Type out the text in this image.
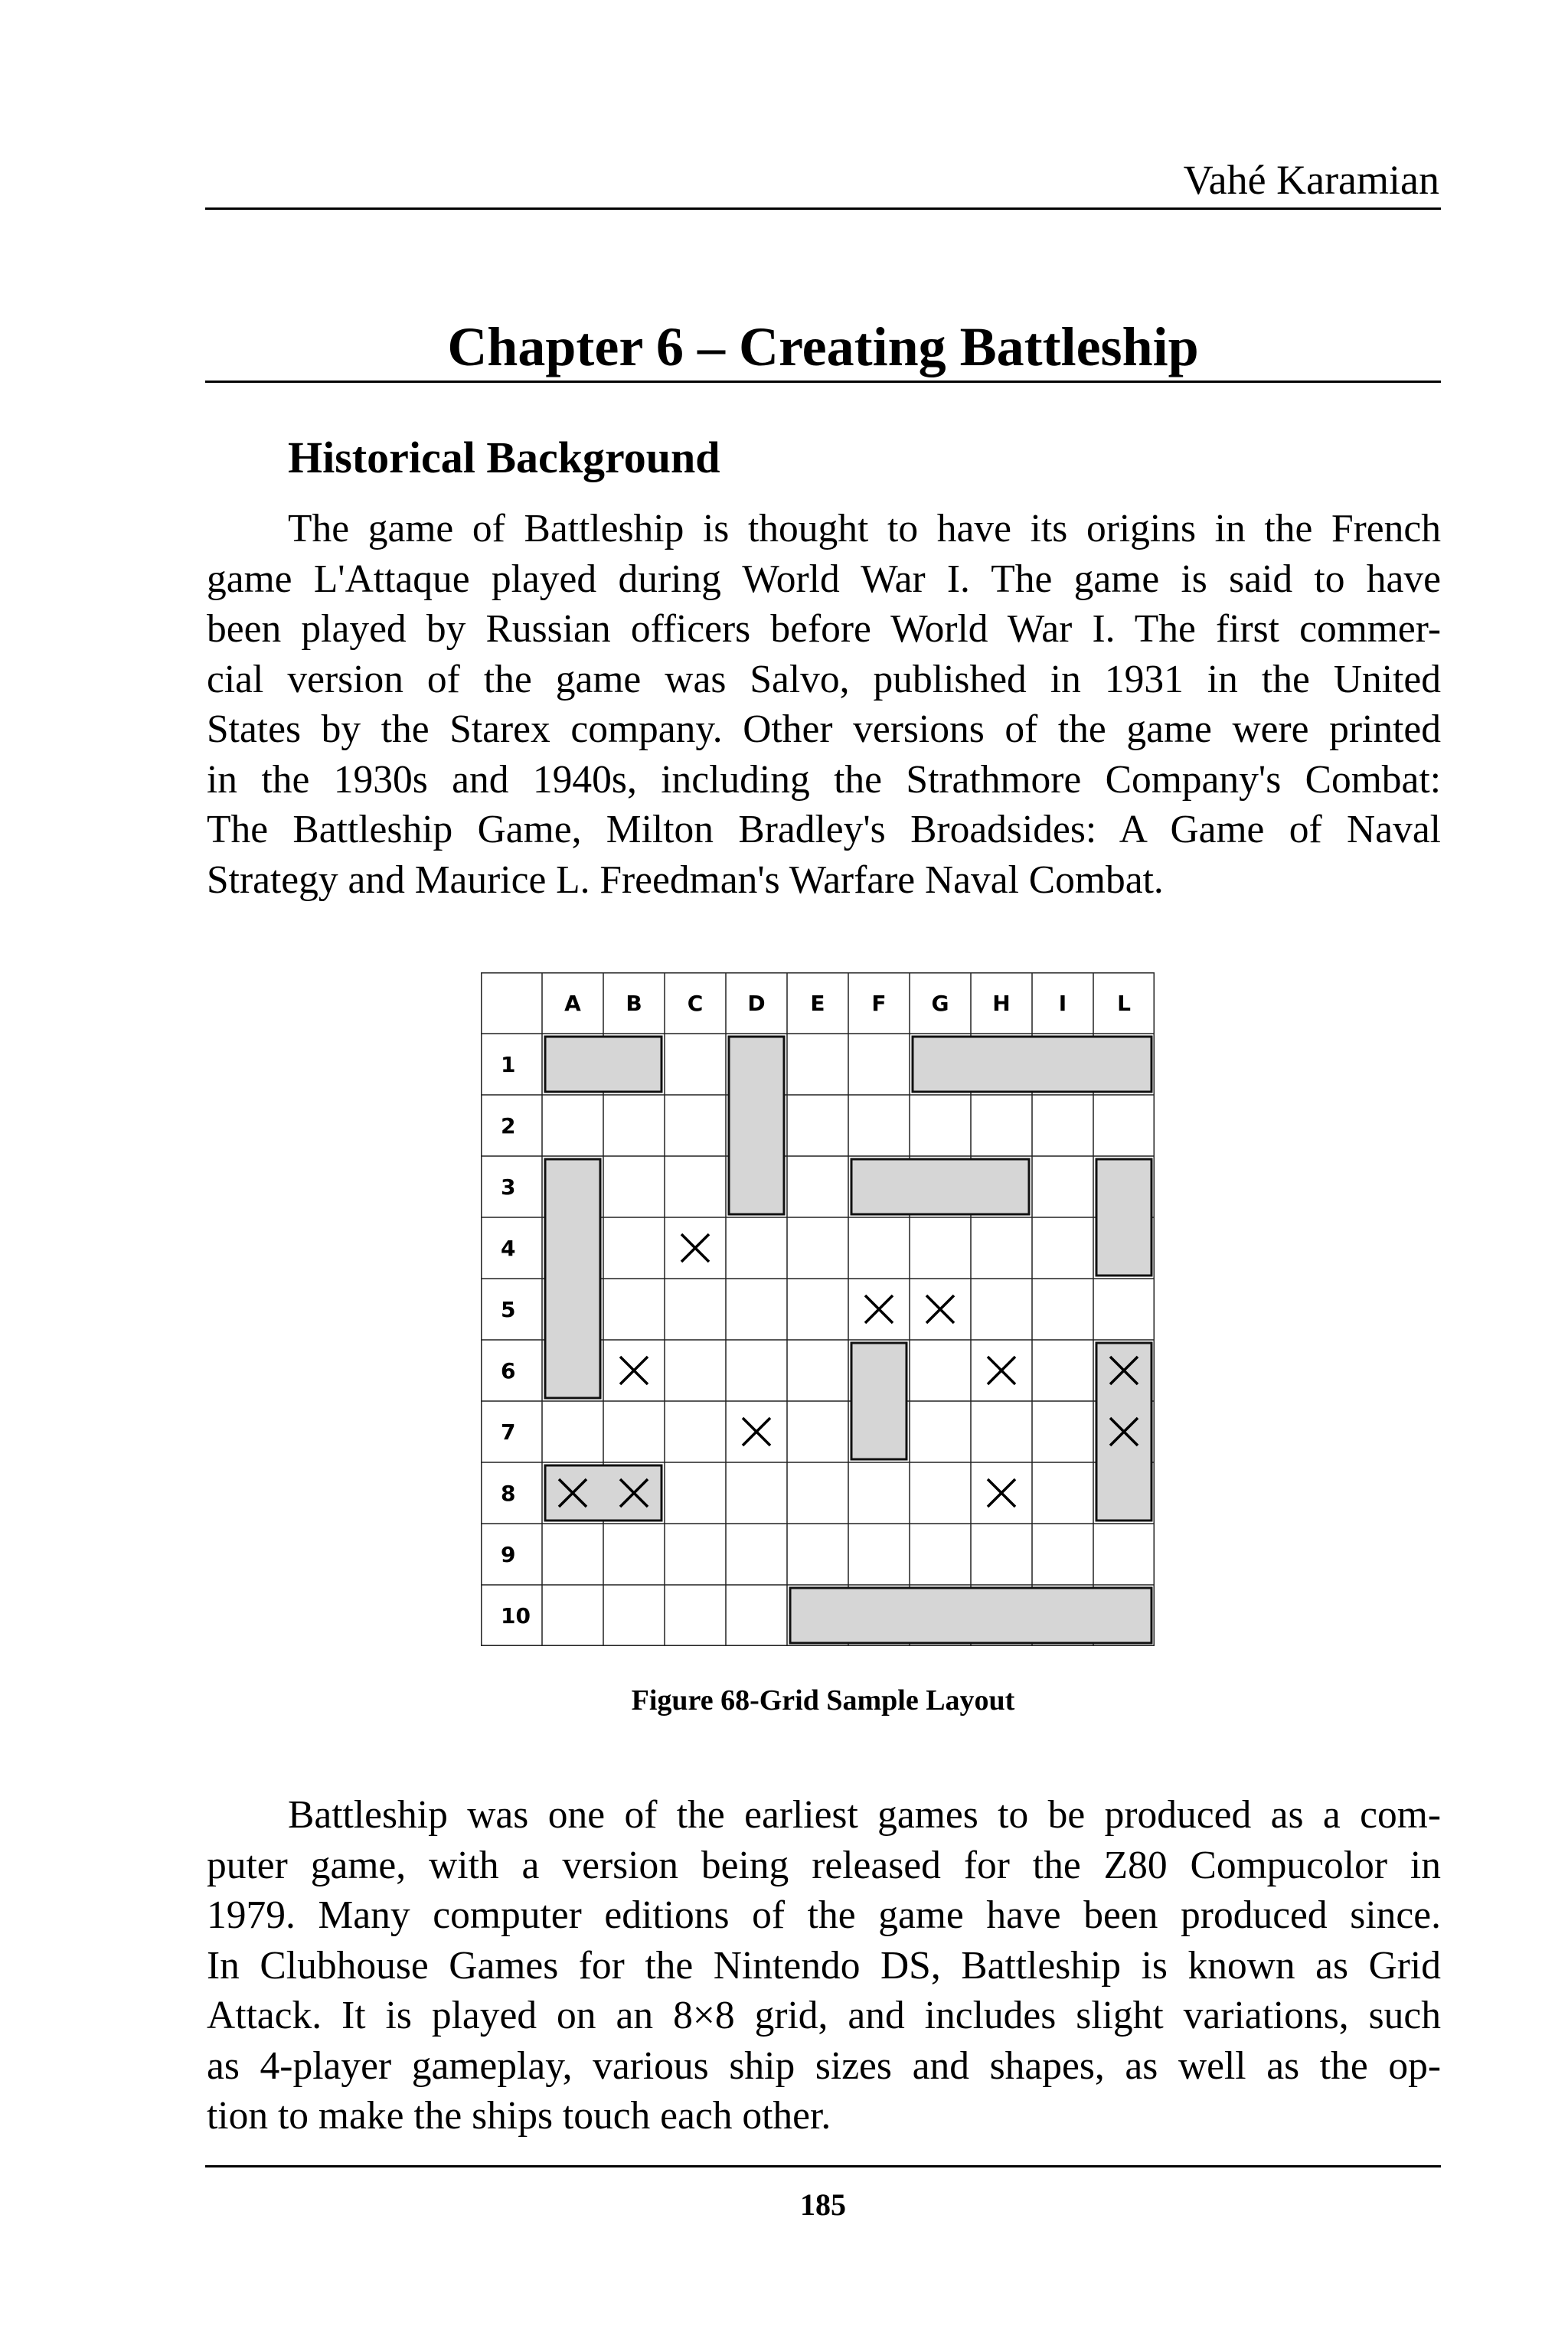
Vahé Karamian
Chapter 6 – Creating Battleship
Historical Background
The game of Battleship is thought to have its origins in the French
game L'Attaque played during World War I. The game is said to have
been played by Russian officers before World War I. The first commer-
cial version of the game was Salvo, published in 1931 in the United
States by the Starex company. Other versions of the game were printed
in the 1930s and 1940s, including the Strathmore Company's Combat:
The Battleship Game, Milton Bradley's Broadsides: A Game of Naval
Strategy and Maurice L. Freedman's Warfare Naval Combat.
A B C D E F G H I L
1
2
3
4
5
6
7
8
9
10
Figure 68-Grid Sample Layout
Battleship was one of the earliest games to be produced as a com-
puter game, with a version being released for the Z80 Compucolor in
1979. Many computer editions of the game have been produced since.
In Clubhouse Games for the Nintendo DS, Battleship is known as Grid
Attack. It is played on an 8×8 grid, and includes slight variations, such
as 4-player gameplay, various ship sizes and shapes, as well as the op-
tion to make the ships touch each other.
185
